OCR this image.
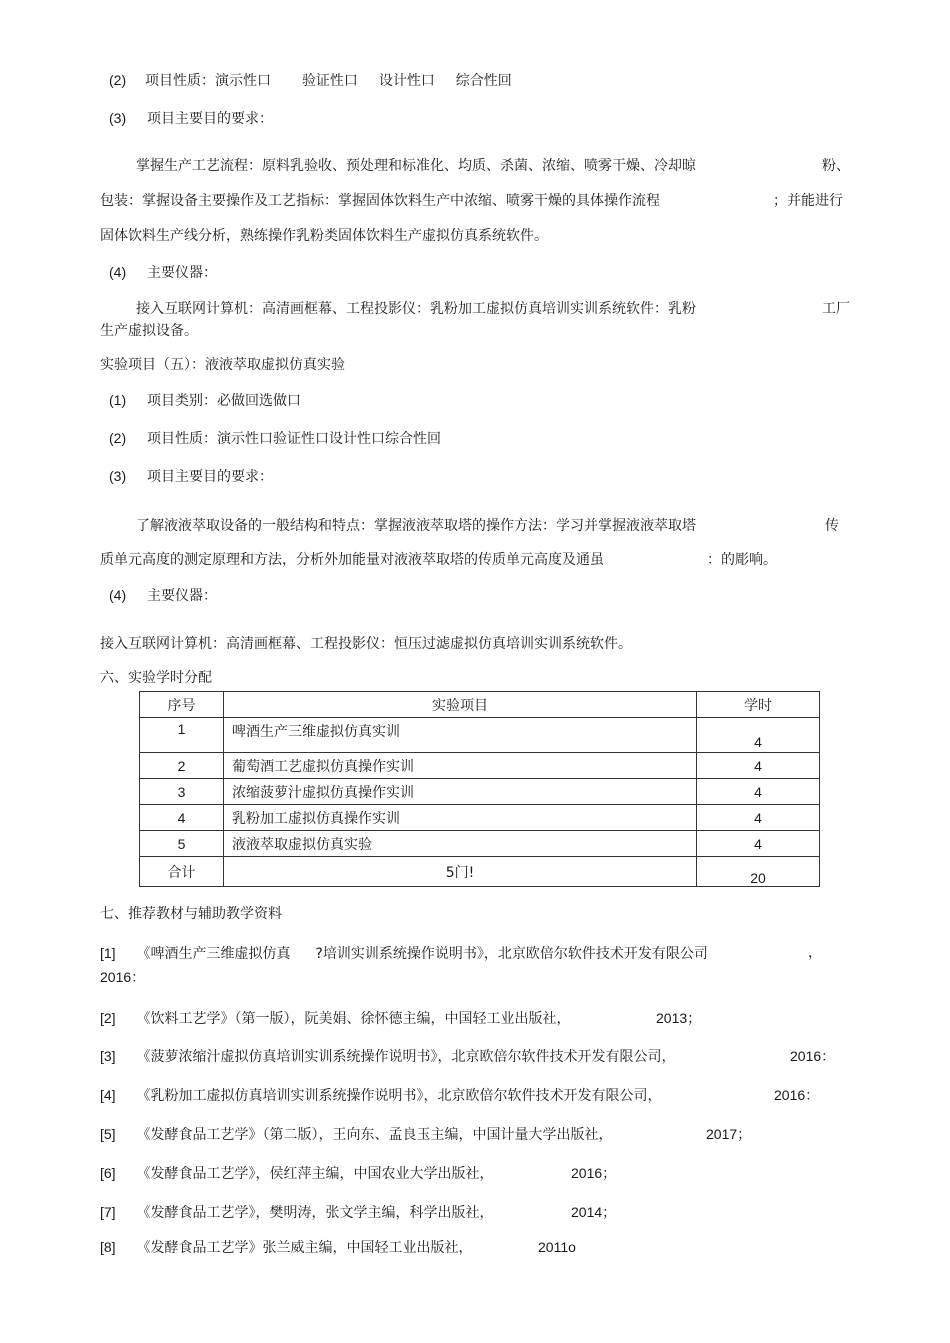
(2) 项目性质：演示性口 验证性口 设计性口 综合性回
(3) 项目主要目的要求：
掌握生产工艺流程：原料乳验收、预处理和标准化、均质、杀菌、浓缩、喷雾干燥、冷却晾	粉、
包装：掌握设备主要操作及工艺指标：掌握固体饮料生产中浓缩、喷雾干燥的具体操作流程	；并能进行
固体饮料生产线分析，熟练操作乳粉类固体饮料生产虚拟仿真系统软件。
(4) 主要仪器：
接入互联网计算机：高清画框幕、工程投影仪：乳粉加工虚拟仿真培训实训系统软件：乳粉	工厂
生产虚拟设备。
实验项目（五）：液液萃取虚拟仿真实验
(1) 项目类别：必做回选做口
(2) 项目性质：演示性口验证性口设计性口综合性回
(3) 项目主要目的要求：
了解液液萃取设备的一般结构和特点：掌握液液萃取塔的操作方法：学习并掌握液液萃取塔	传
质单元高度的测定原理和方法，分析外加能量对液液萃取塔的传质单元高度及通虽	：的彫响。
(4) 主要仪器：
接入互联网计算机：高清画框幕、工程投影仪：恒压过滤虚拟仿真培训实训系统软件。
六、实验学时分配
序号	实验项目	学时
1	啤酒生产三维虚拟仿真实训	4
2	葡萄酒工艺虚拟仿真操作实训	4
3	浓缩菠萝汁虚拟仿真操作实训	4
4	乳粉加工虚拟仿真操作实训	4
5	液液萃取虚拟仿真实验	4
合计	5门!	20
七、推荐教材与辅助教学资料
[1] 《啤酒生产三维虚拟仿真 ?培训实训系统操作说明书》，北京欧倍尔软件技术开发有限公司	，
2016：
[2] 《饮料工艺学》（第一版），阮美娟、徐怀德主编，中国轻工业出版社，	2013；
[3] 《菠萝浓缩汁虚拟仿真培训实训系统操作说明书》，北京欧倍尔软件技术开发有限公司，	2016：
[4] 《乳粉加工虚拟仿真培训实训系统操作说明书》，北京欧倍尔软件技术开发有限公司，	2016：
[5] 《发酵食品工艺学》（第二版），王向东、孟良玉主编，中国计量大学出版社，	2017；
[6] 《发酵食品工艺学》，侯红萍主编，中国农业大学出版社，	2016；
[7] 《发酵食品工艺学》，樊明涛，张文学主编，科学出版社，	2014；
[8] 《发酵食品工艺学》张兰威主编，中国轻工业出版社，	2011o
